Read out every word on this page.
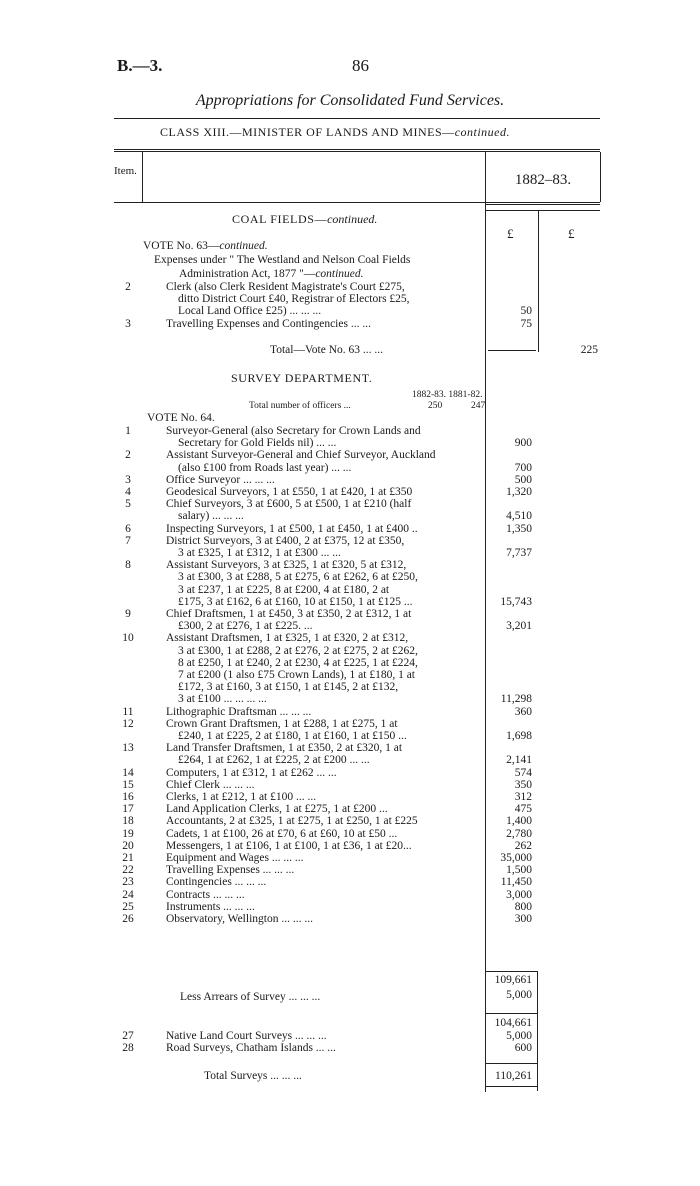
B.—3.	86
Appropriations for Consolidated Fund Services.
CLASS XIII.—MINISTER OF LANDS AND MINES—continued.
Item.
1882–83.
COAL FIELDS—continued.
£	£
VOTE No. 63—continued.
Expenses under " The Westland and Nelson Coal Fields
Administration Act, 1877 "—continued.
2	Clerk (also Clerk Resident Magistrate's Court £275,
ditto District Court £40, Registrar of Electors £25,
Local Land Office £25) ... ... ...	50
3	Travelling Expenses and Contingencies ... ...	75
Total—Vote No. 63 ... ...	225
SURVEY DEPARTMENT.
1882-83. 1881-82.
Total number of officers ...	250	247
VOTE No. 64.
1	Surveyor-General (also Secretary for Crown Lands and
Secretary for Gold Fields nil) ... ...	900
2	Assistant Surveyor-General and Chief Surveyor, Auckland
(also £100 from Roads last year) ... ...	700
3	Office Surveyor ... ... ...	500
4	Geodesical Surveyors, 1 at £550, 1 at £420, 1 at £350	1,320
5	Chief Surveyors, 3 at £600, 5 at £500, 1 at £210 (half
salary) ... ... ...	4,510
6	Inspecting Surveyors, 1 at £500, 1 at £450, 1 at £400 ..	1,350
7	District Surveyors, 3 at £400, 2 at £375, 12 at £350,
3 at £325, 1 at £312, 1 at £300 ... ...	7,737
8	Assistant Surveyors, 3 at £325, 1 at £320, 5 at £312,
3 at £300, 3 at £288, 5 at £275, 6 at £262, 6 at £250,
3 at £237, 1 at £225, 8 at £200, 4 at £180, 2 at
£175, 3 at £162, 6 at £160, 10 at £150, 1 at £125 ...	15,743
9	Chief Draftsmen, 1 at £450, 3 at £350, 2 at £312, 1 at
£300, 2 at £276, 1 at £225. ...	3,201
10	Assistant Draftsmen, 1 at £325, 1 at £320, 2 at £312,
3 at £300, 1 at £288, 2 at £276, 2 at £275, 2 at £262,
8 at £250, 1 at £240, 2 at £230, 4 at £225, 1 at £224,
7 at £200 (1 also £75 Crown Lands), 1 at £180, 1 at
£172, 3 at £160, 3 at £150, 1 at £145, 2 at £132,
3 at £100 ... ... ... ...	11,298
11	Lithographic Draftsman ... ... ...	360
12	Crown Grant Draftsmen, 1 at £288, 1 at £275, 1 at
£240, 1 at £225, 2 at £180, 1 at £160, 1 at £150 ...	1,698
13	Land Transfer Draftsmen, 1 at £350, 2 at £320, 1 at
£264, 1 at £262, 1 at £225, 2 at £200 ... ...	2,141
14	Computers, 1 at £312, 1 at £262 ... ...	574
15	Chief Clerk ... ... ...	350
16	Clerks, 1 at £212, 1 at £100 ... ...	312
17	Land Application Clerks, 1 at £275, 1 at £200 ...	475
18	Accountants, 2 at £325, 1 at £275, 1 at £250, 1 at £225	1,400
19	Cadets, 1 at £100, 26 at £70, 6 at £60, 10 at £50 ...	2,780
20	Messengers, 1 at £106, 1 at £100, 1 at £36, 1 at £20...	262
21	Equipment and Wages ... ... ...	35,000
22	Travelling Expenses ... ... ...	1,500
23	Contingencies ... ... ...	11,450
24	Contracts ... ... ...	3,000
25	Instruments ... ... ...	800
26	Observatory, Wellington ... ... ...	300
109,661
Less Arrears of Survey ... ... ...	5,000
104,661
27	Native Land Court Surveys ... ... ...	5,000
28	Road Surveys, Chatham Islands ... ...	600
Total Surveys ... ... ...	110,261
